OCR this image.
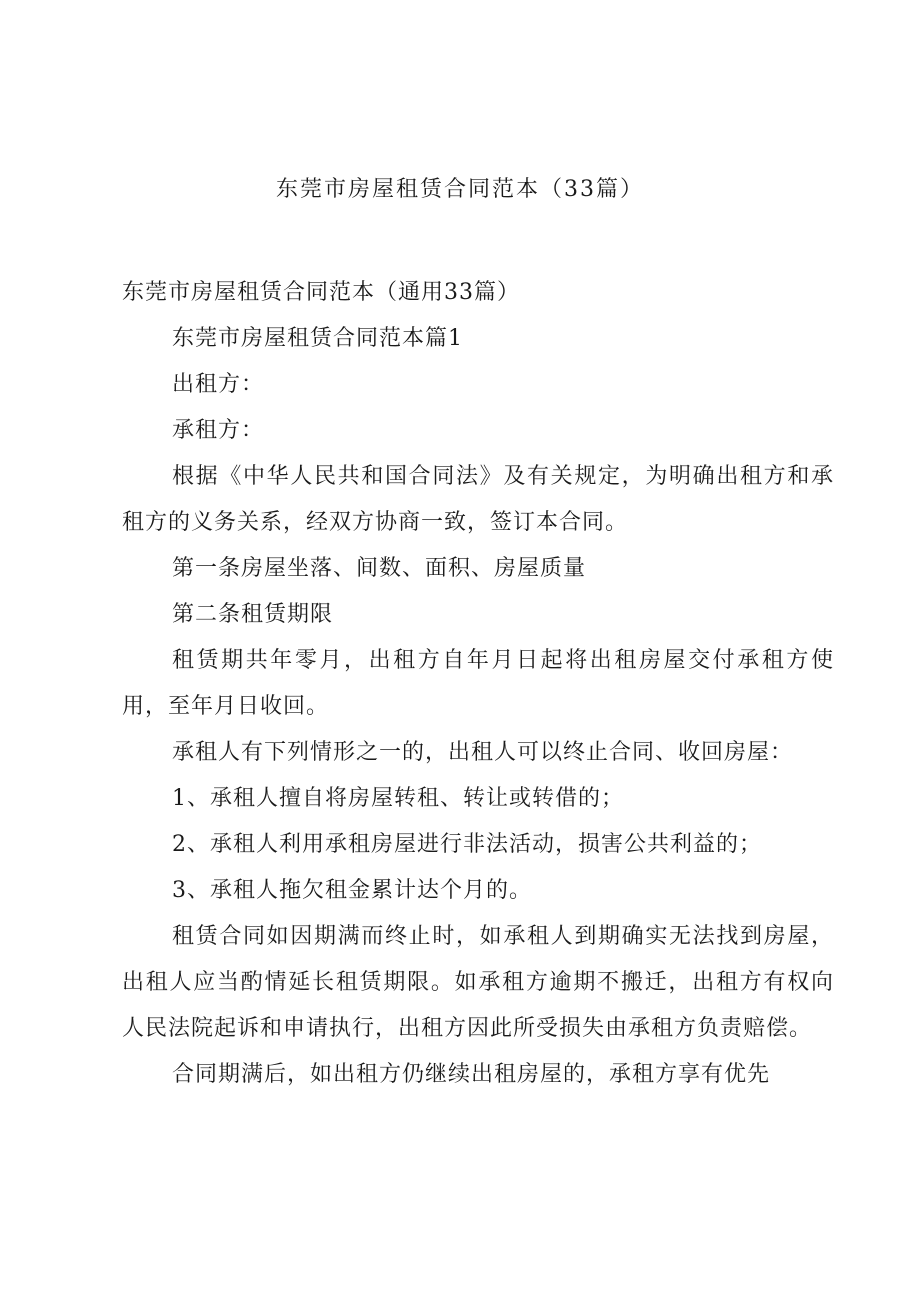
东莞市房屋租赁合同范本（33篇）

东莞市房屋租赁合同范本（通用33篇）

东莞市房屋租赁合同范本篇1

出租方：

承租方：

根据《中华人民共和国合同法》及有关规定，为明确出租方和承租方的义务关系，经双方协商一致，签订本合同。

第一条房屋坐落、间数、面积、房屋质量

第二条租赁期限

租赁期共年零月，出租方自年月日起将出租房屋交付承租方使用，至年月日收回。

承租人有下列情形之一的，出租人可以终止合同、收回房屋：

1、承租人擅自将房屋转租、转让或转借的；

2、承租人利用承租房屋进行非法活动，损害公共利益的；

3、承租人拖欠租金累计达个月的。

租赁合同如因期满而终止时，如承租人到期确实无法找到房屋，出租人应当酌情延长租赁期限。如承租方逾期不搬迁，出租方有权向人民法院起诉和申请执行，出租方因此所受损失由承租方负责赔偿。

合同期满后，如出租方仍继续出租房屋的，承租方享有优先
